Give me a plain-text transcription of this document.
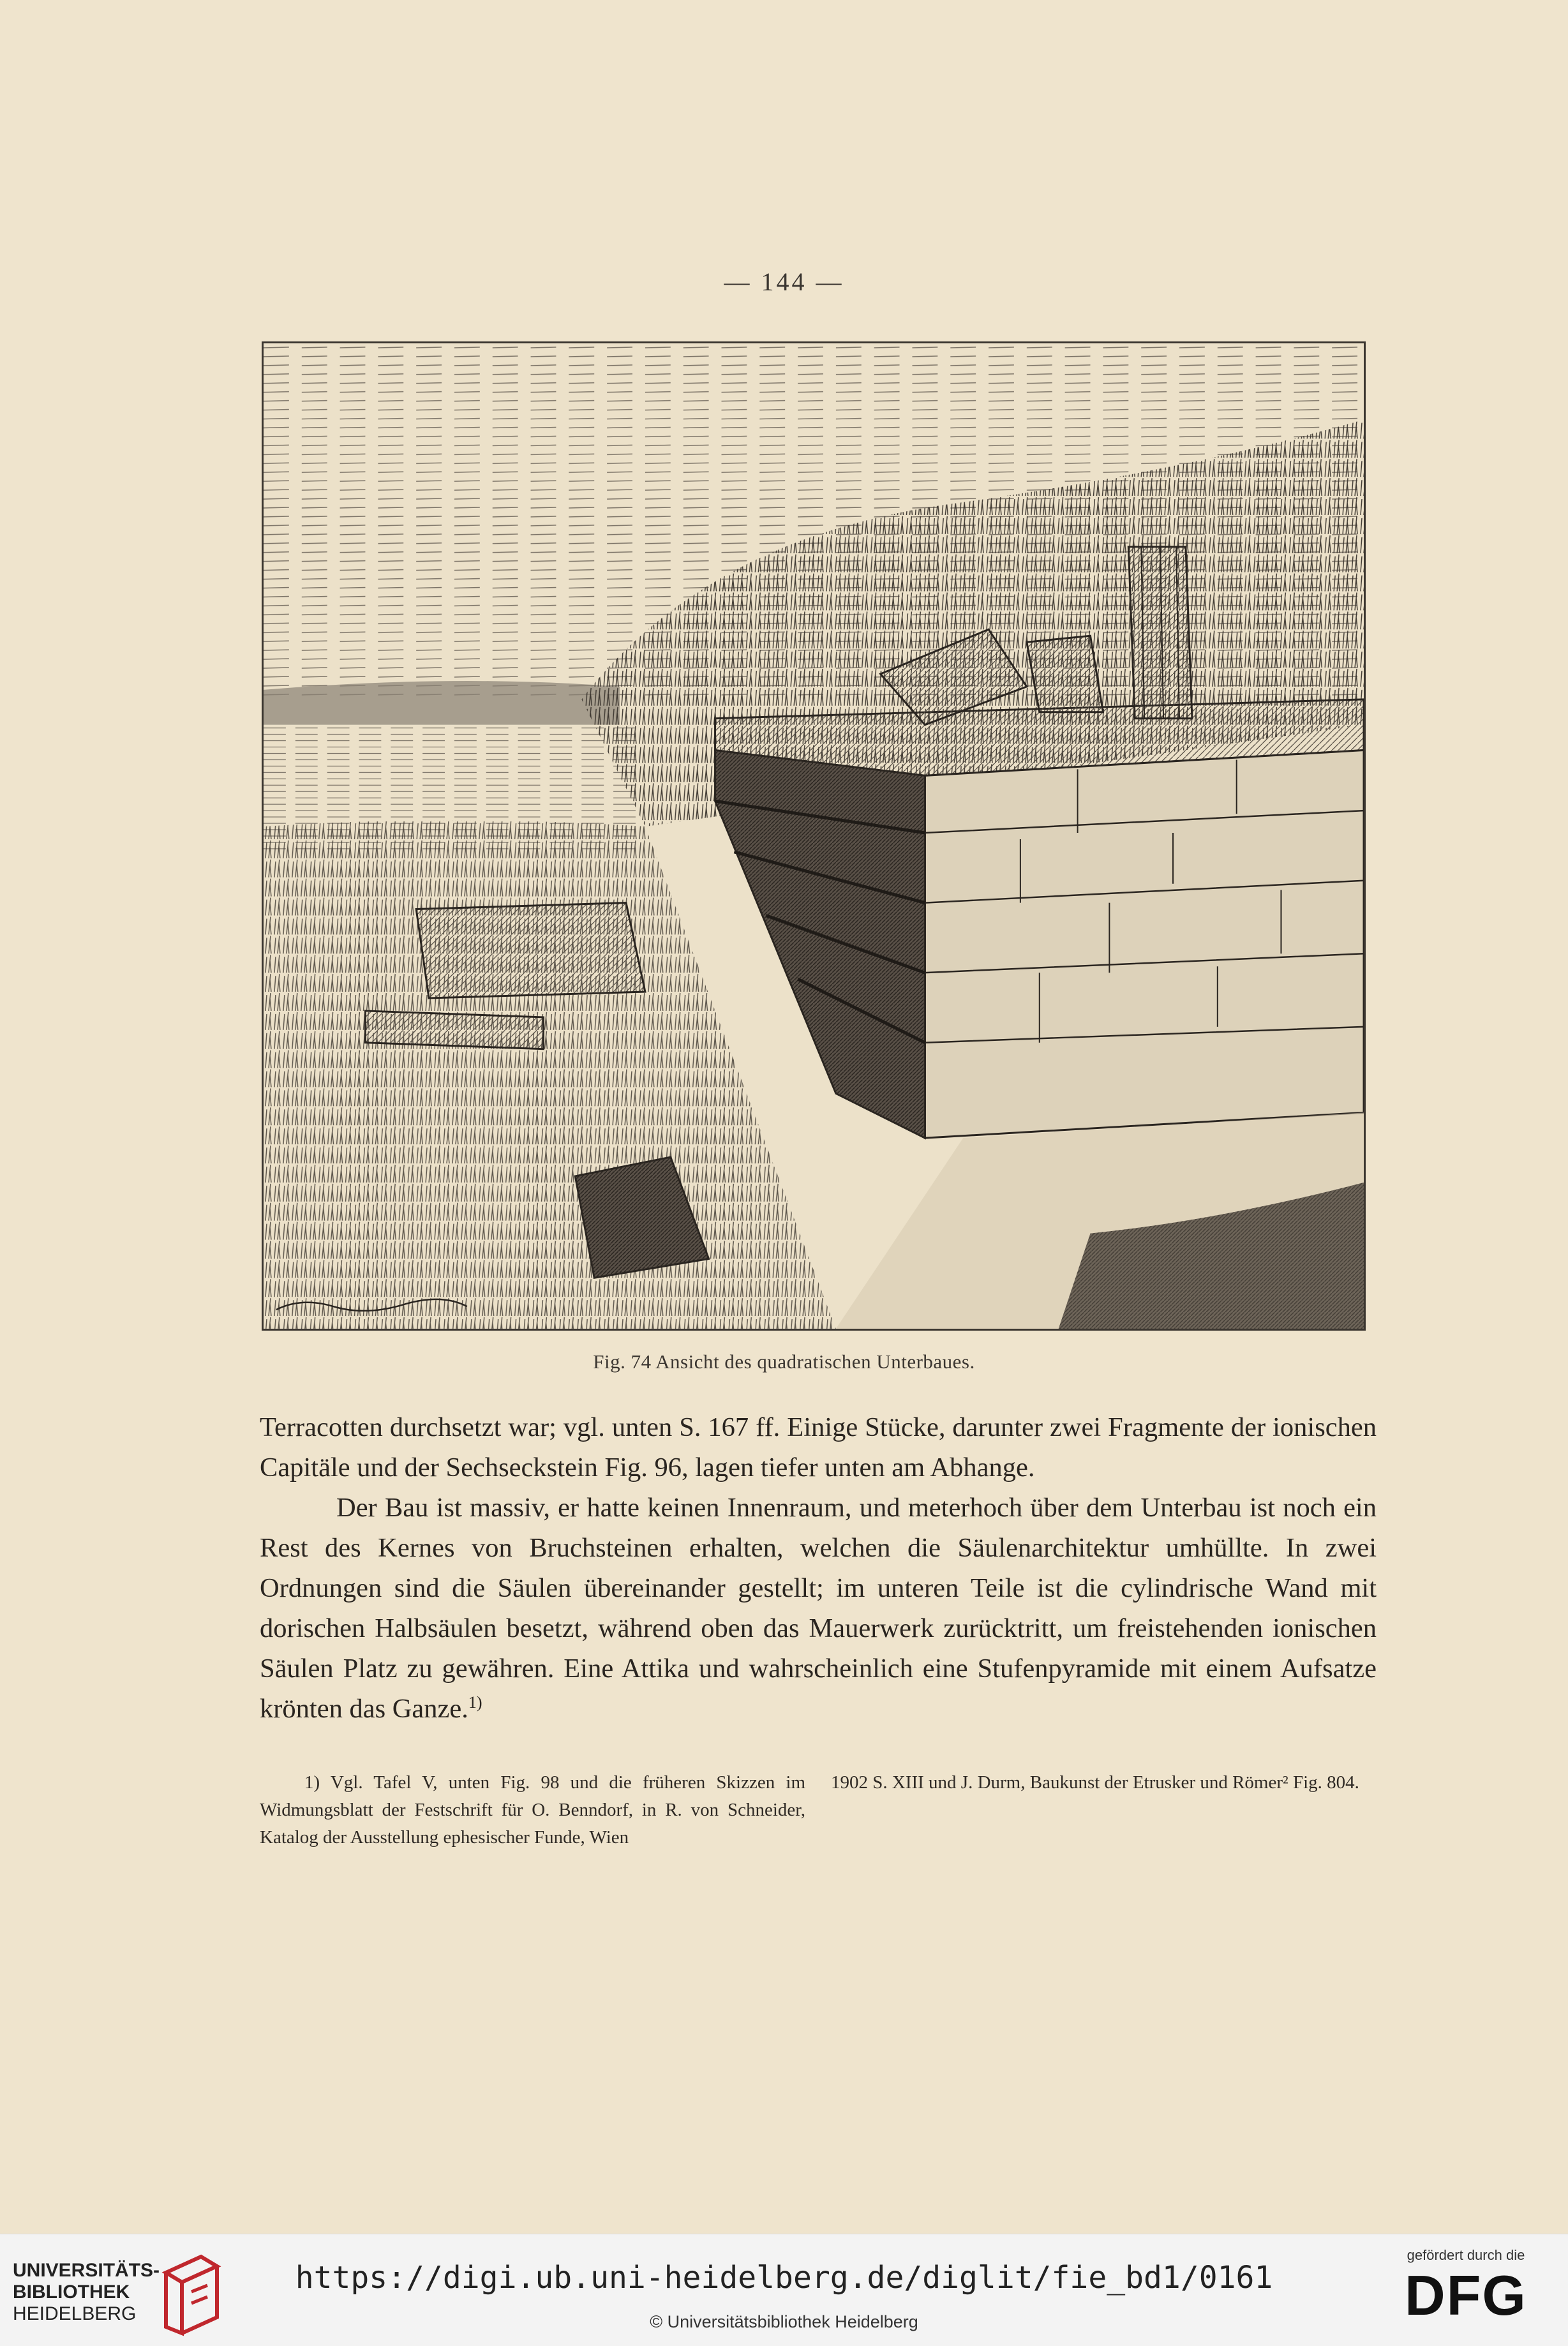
— 144 —
Fig. 74 Ansicht des quadratischen Unterbaues.

Terracotten durchsetzt war; vgl. unten S. 167 ff. Einige Stücke, darunter zwei Fragmente der ionischen Capitäle und der Sechseckstein Fig. 96, lagen tiefer unten am Abhange.

Der Bau ist massiv, er hatte keinen Innenraum, und meterhoch über dem Unterbau ist noch ein Rest des Kernes von Bruchsteinen erhalten, welchen die Säulenarchitektur umhüllte. In zwei Ordnungen sind die Säulen übereinander gestellt; im unteren Teile ist die cylindrische Wand mit dorischen Halbsäulen besetzt, während oben das Mauerwerk zurücktritt, um freistehenden ionischen Säulen Platz zu gewähren. Eine Attika und wahrscheinlich eine Stufenpyramide mit einem Aufsatze krönten das Ganze.$^{1)}$

1) Vgl. Tafel V, unten Fig. 98 und die früheren Skizzen im Widmungsblatt der Festschrift für O. Benndorf, in R. von Schneider, Katalog der Ausstellung ephesischer Funde, Wien
1902 S. XIII und J. Durm, Baukunst der Etrusker und Römer² Fig. 804.
UNIVERSITÄTS-
BIBLIOTHEK
HEIDELBERG
https://digi.ub.uni-heidelberg.de/diglit/fie_bd1/0161
© Universitätsbibliothek Heidelberg
gefördert durch die
DFG
